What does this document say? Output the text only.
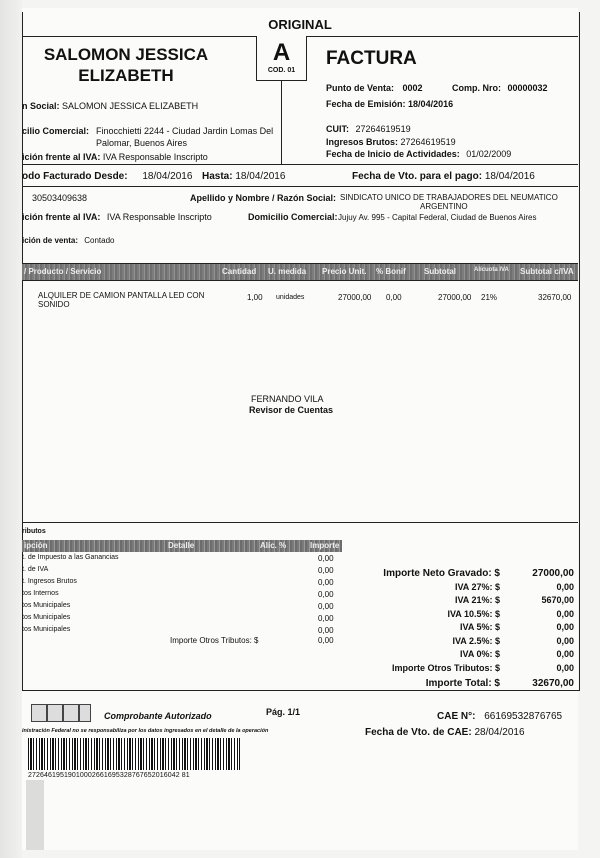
ORIGINAL
SALOMON JESSICA
ELIZABETH
A
COD. 01
FACTURA
n Social: SALOMON JESSICA ELIZABETH
cilio Comercial: Finocchietti 2244 - Ciudad Jardin Lomas Del
Palomar, Buenos Aires
ición frente al IVA: IVA Responsable Inscripto
Punto de Venta: 0002	Comp. Nro: 00000032
Fecha de Emisión: 18/04/2016
CUIT: 27264619519
Ingresos Brutos: 27264619519
Fecha de Inicio de Actividades: 01/02/2009
odo Facturado Desde: 18/04/2016 Hasta: 18/04/2016	Fecha de Vto. para el pago: 18/04/2016
30503409638	Apellido y Nombre / Razón Social: SINDICATO UNICO DE TRABAJADORES DEL NEUMATICO
ARGENTINO
ición frente al IVA: IVA Responsable Inscripto	Domicilio Comercial: Jujuy Av. 995 - Capital Federal, Ciudad de Buenos Aires
ición de venta: Contado
/ Producto / Servicio	Cantidad U. medida Precio Unit. % Bonif Subtotal	Alícuota IVA Subtotal c/IVA
ALQUILER DE CAMION PANTALLA LED CON
SONIDO
1,00 unidades	27000,00 0,00	27000,00 21%	32670,00
FERNANDO VILA
Revisor de Cuentas
ributos
ipción	Detalle	Alíc. %	Importe
t. de Impuesto a las Ganancias	0,00
t. de IVA	0,00
t. Ingresos Brutos	0,00
tos Internos	0,00
tos Municipales	0,00
tos Municipales	0,00
tos Municipales	0,00
Importe Otros Tributos: $	0,00
Importe Neto Gravado: $	27000,00
IVA 27%: $	0,00
IVA 21%: $	5670,00
IVA 10.5%: $	0,00
IVA 5%: $	0,00
IVA 2.5%: $	0,00
IVA 0%: $	0,00
Importe Otros Tributos: $	0,00
Importe Total: $	32670,00
Comprobante Autorizado	Pág. 1/1
inistración Federal no se responsabiliza por los datos ingresados en el detalle de la operación
CAE N°: 66169532876765
Fecha de Vto. de CAE: 28/04/2016
27264619519010002661695328767652016042 81
